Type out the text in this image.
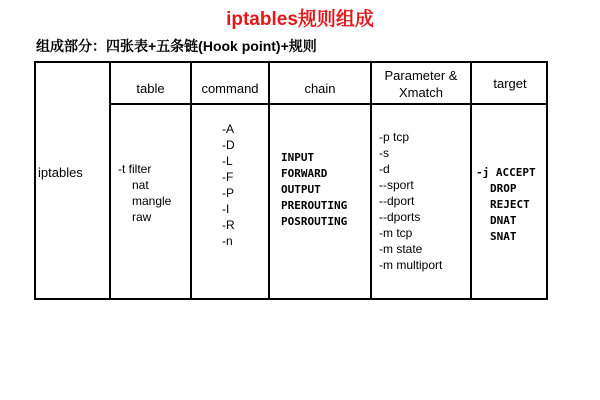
iptables规则组成
组成部分：四张表+五条链(Hook point)+规则
iptables
table	command	chain
Parameter &
Xmatch
target
-t filter
nat
mangle
raw
-A
-D
-L
-F
-P
-I
-R
-n
INPUT
FORWARD
OUTPUT
PREROUTING
POSROUTING
-p tcp
-s
-d
--sport
--dport
--dports
-m tcp
-m state
-m multiport
-j ACCEPT
DROP
REJECT
DNAT
SNAT
